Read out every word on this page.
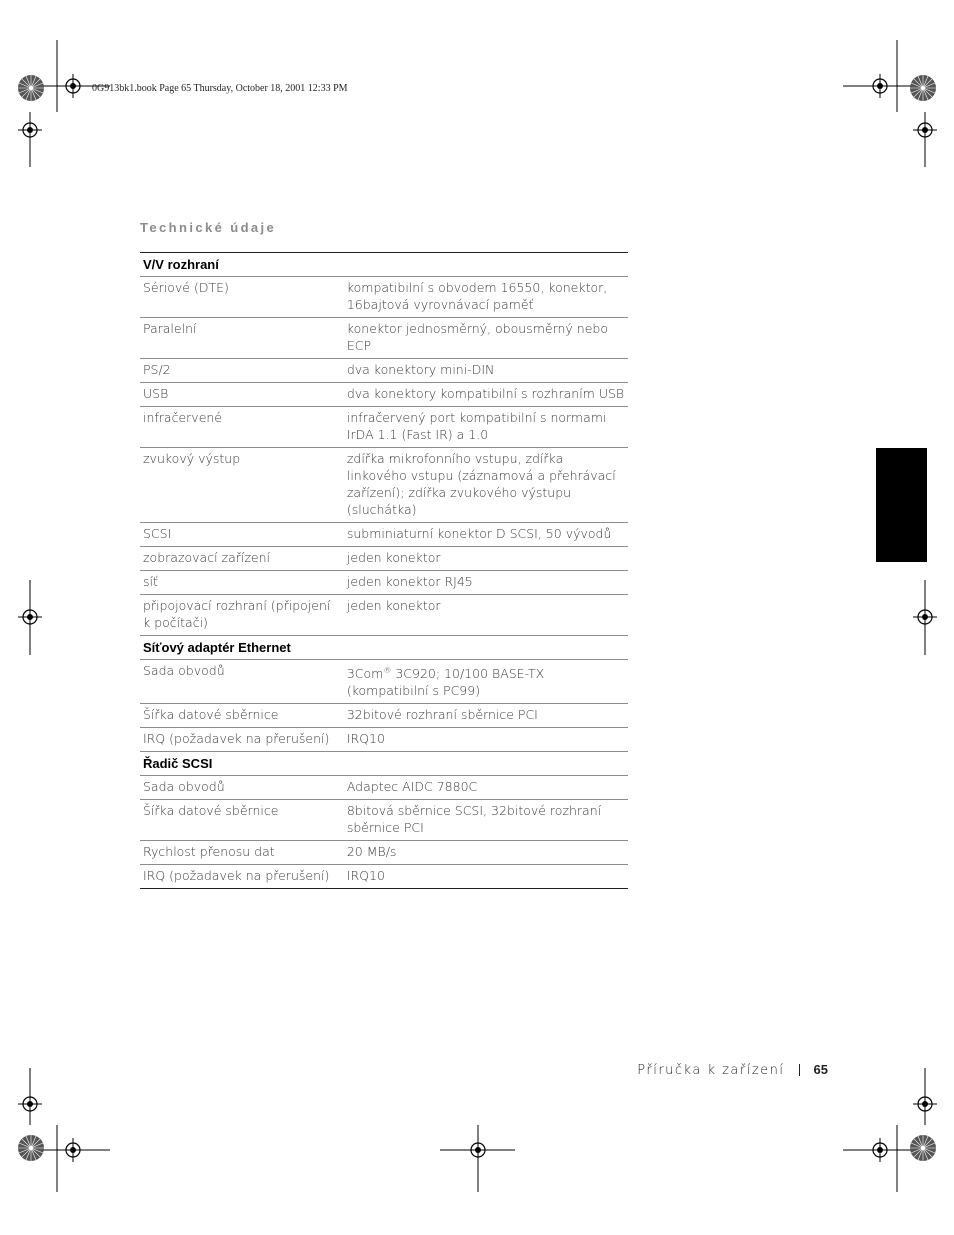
0G913bk1.book Page 65 Thursday, October 18, 2001 12:33 PM
Technické údaje
V/V rozhraní	
Sériové (DTE)	kompatibilní s obvodem 16550, konektor, 16bajtová vyrovnávací paměť
Paralelní	konektor jednosměrný, obousměrný nebo ECP
PS/2	dva konektory mini-DIN
USB	dva konektory kompatibilní s rozhraním USB
infračervené	infračervený port kompatibilní s normami IrDA 1.1 (Fast IR) a 1.0
zvukový výstup	zdířka mikrofonního vstupu, zdířka linkového vstupu (záznamová a přehrávací zařízení); zdířka zvukového výstupu (sluchátka)
SCSI	subminiaturní konektor D SCSI, 50 vývodů
zobrazovací zařízení	jeden konektor
síť	jeden konektor RJ45
připojovací rozhraní (připojení k počítači)	jeden konektor
Síťový adaptér Ethernet	
Sada obvodů	3Com® 3C920; 10/100 BASE-TX (kompatibilní s PC99)
Šířka datové sběrnice	32bitové rozhraní sběrnice PCI
IRQ (požadavek na přerušení)	IRQ10
Řadič SCSI	
Sada obvodů	Adaptec AIDC 7880C
Šířka datové sběrnice	8bitová sběrnice SCSI, 32bitové rozhraní sběrnice PCI
Rychlost přenosu dat	20 MB/s
IRQ (požadavek na přerušení)	IRQ10
Příručka k zařízení 65
